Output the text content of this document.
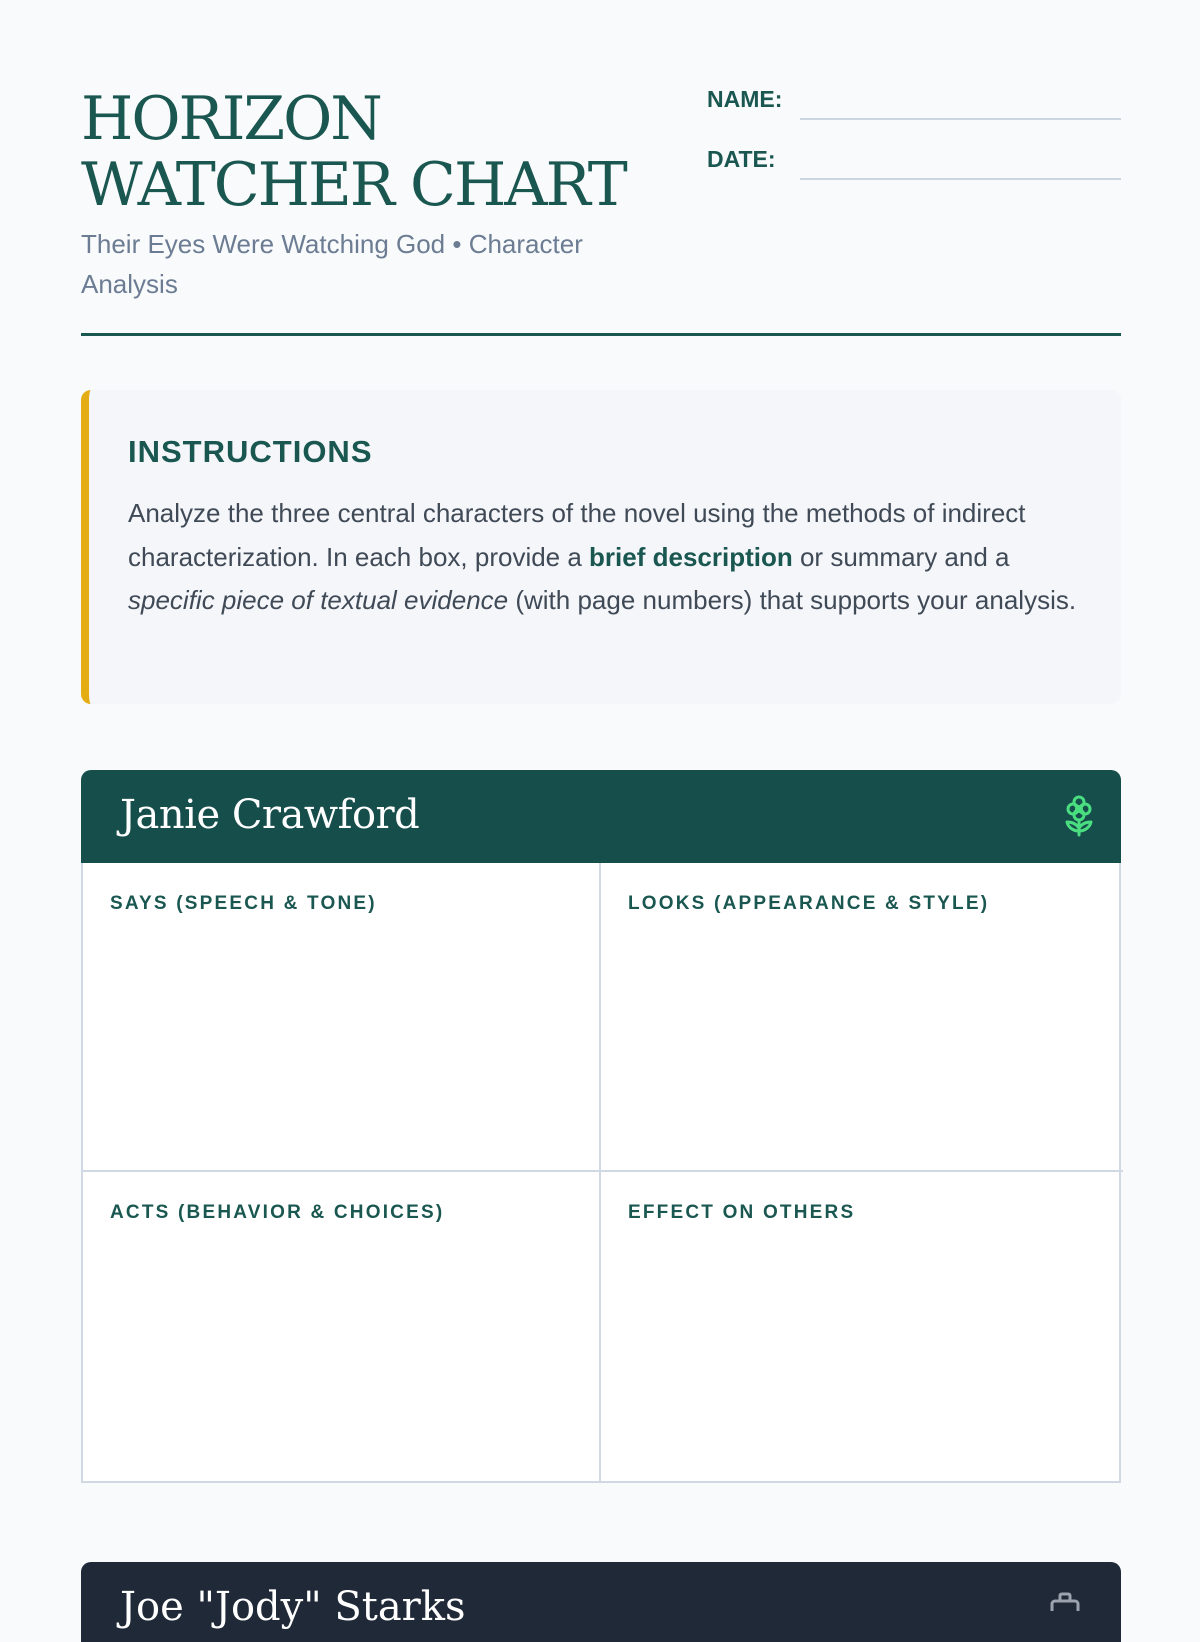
HORIZON WATCHER CHART

Their Eyes Were Watching God • Character Analysis

NAME:
DATE:
INSTRUCTIONS

Analyze the three central characters of the novel using the methods of indirect characterization. In each box, provide a brief description or summary and a specific piece of textual evidence (with page numbers) that supports your analysis.

Janie Crawford
SAYS (SPEECH & TONE)	LOOKS (APPEARANCE & STYLE)
ACTS (BEHAVIOR & CHOICES)	EFFECT ON OTHERS
Joe "Jody" Starks
